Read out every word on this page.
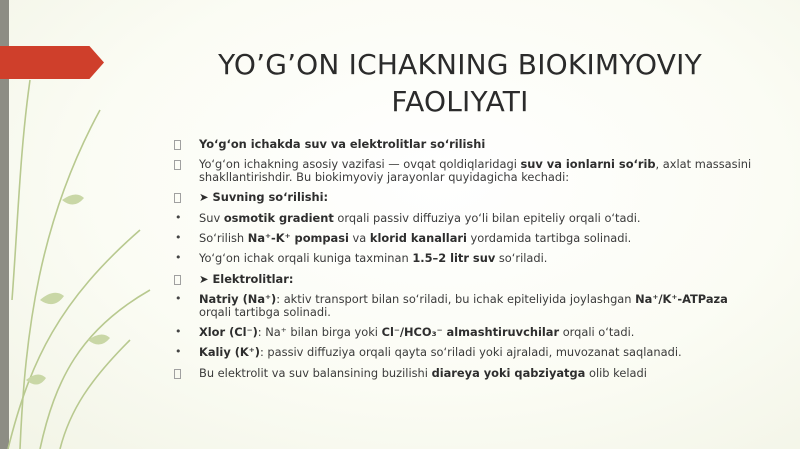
YO’G’ON ICHAKNING BIOKIMYOVIY FAOLIYATI
Yo‘g‘on ichakda suv va elektrolitlar so‘rilishi
Yo‘g‘on ichakning asosiy vazifasi — ovqat qoldiqlaridagi suv va ionlarni so‘rib, axlat massasini shakllantirishdir. Bu biokimyoviy jarayonlar quyidagicha kechadi:
➤ Suvning so‘rilishi:
• Suv osmotik gradient orqali passiv diffuziya yo‘li bilan epiteliy orqali o‘tadi.
• So‘rilish Na⁺-K⁺ pompasi va klorid kanallari yordamida tartibga solinadi.
• Yo‘g‘on ichak orqali kuniga taxminan 1.5–2 litr suv so‘riladi.
➤ Elektrolitlar:
• Natriy (Na⁺): aktiv transport bilan so‘riladi, bu ichak epiteliyida joylashgan Na⁺/K⁺-ATPaza orqali tartibga solinadi.
• Xlor (Cl⁻): Na⁺ bilan birga yoki Cl⁻/HCO₃⁻ almashtiruvchilar orqali o‘tadi.
• Kaliy (K⁺): passiv diffuziya orqali qayta so‘riladi yoki ajraladi, muvozanat saqlanadi.
Bu elektrolit va suv balansining buzilishi diareya yoki qabziyatga olib keladi
